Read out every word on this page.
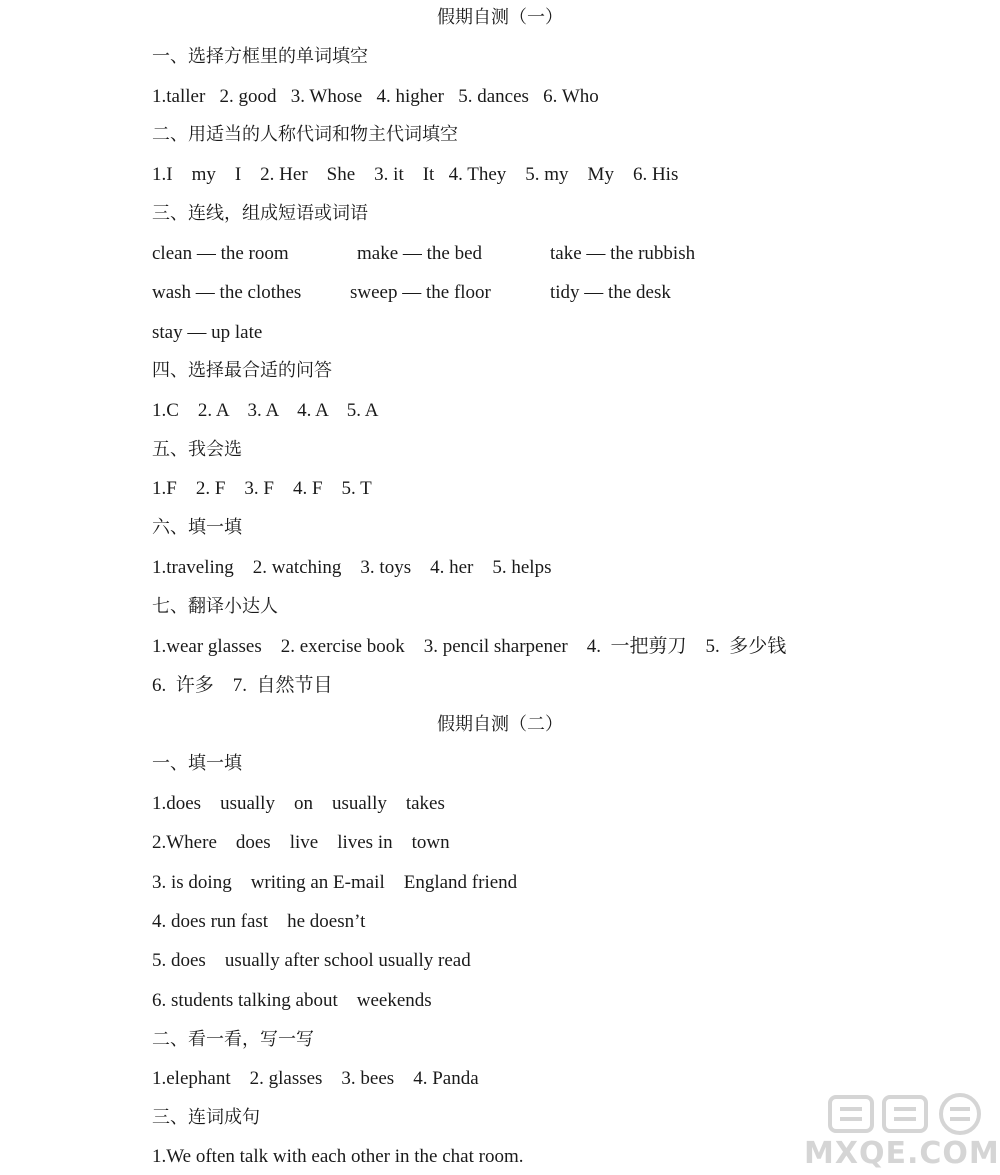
假期自测（一）
一、选择方框里的单词填空
1.taller   2. good   3. Whose   4. higher   5. dances   6. Who
二、用适当的人称代词和物主代词填空
1.I    my    I    2. Her    She    3. it    It   4. They    5. my    My    6. His
三、连线，组成短语或词语

clean — the room

	make — the bed

	take — the rubbish

wash — the clothes

	sweep — the floor

	tidy — the desk

stay — up late
四、选择最合适的问答
1.C    2. A    3. A    4. A    5. A
五、我会选
1.F    2. F    3. F    4. F    5. T
六、填一填
1.traveling    2. watching    3. toys    4. her    5. helps
七、翻译小达人
1.wear glasses    2. exercise book    3. pencil sharpener    4.  一把剪刀    5.  多少钱
6.  许多    7.  自然节目
假期自测（二）
一、填一填
1.does    usually    on    usually    takes
2.Where    does    live    lives in    town
3. is doing    writing an E-mail    England friend
4. does run fast    he doesn’t
5. does    usually after school usually read
6. students talking about    weekends
二、看一看，写一写
1.elephant    2. glasses    3. bees    4. Panda
三、连词成句
1.We often talk with each other in the chat room.	MXQE.COM
